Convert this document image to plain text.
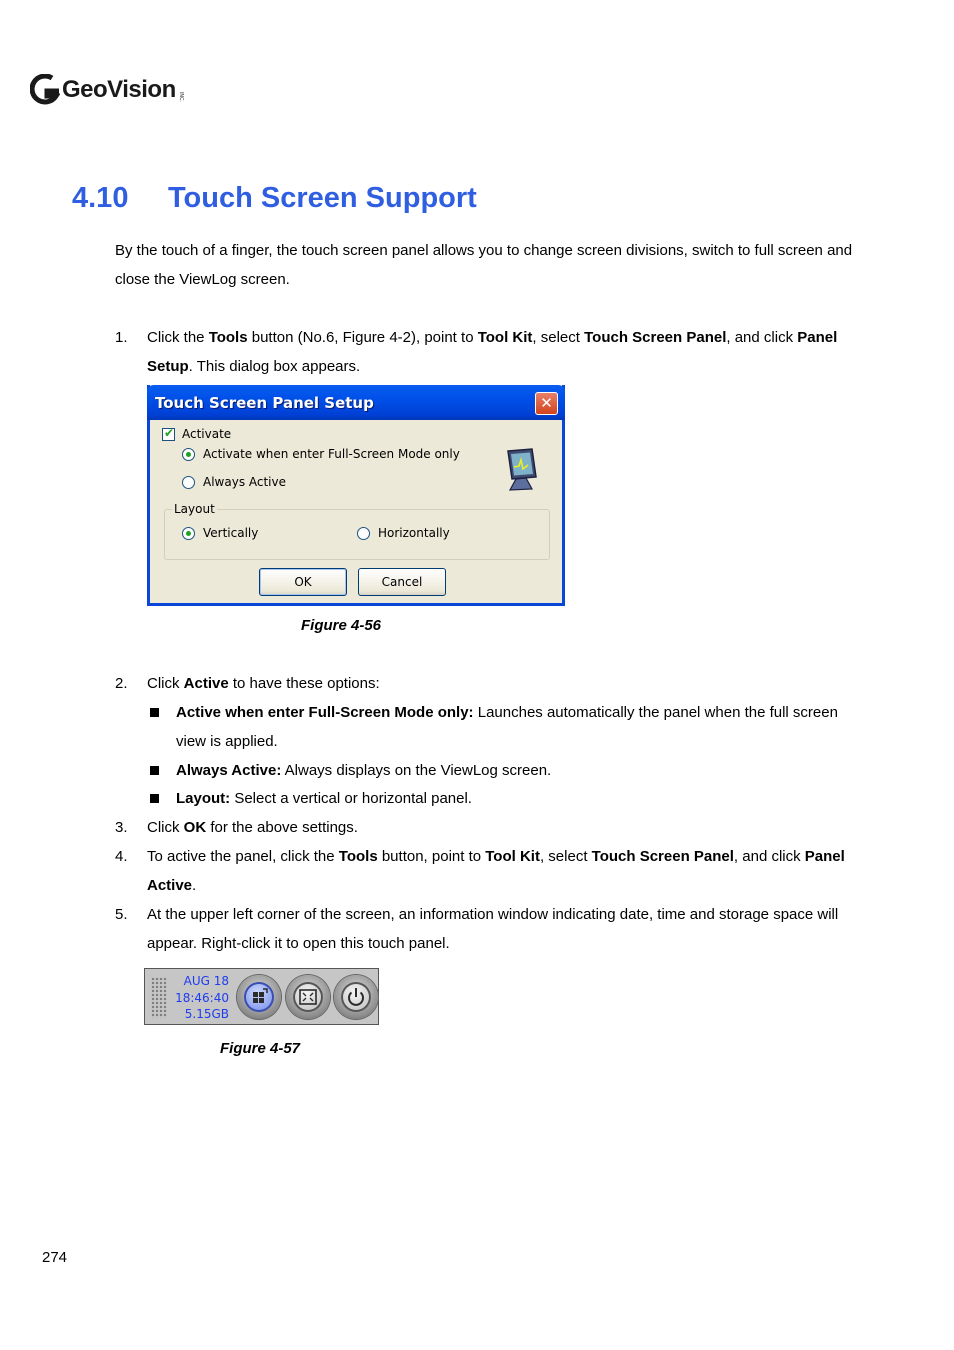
GeoVision INC.
4.10 Touch Screen Support
By the touch of a finger, the touch screen panel allows you to change screen divisions, switch to full screen and close the ViewLog screen.
1.	Click the Tools button (No.6, Figure 4-2), point to Tool Kit, select Touch Screen Panel, and click Panel Setup. This dialog box appears.
Touch Screen Panel Setup	✕
✔ Activate
Activate when enter Full-Screen Mode only
Always Active
Layout
Vertically	Horizontally
OK	Cancel
Figure 4-56
2.	Click Active to have these options:
Active when enter Full-Screen Mode only: Launches automatically the panel when the full screen view is applied.
Always Active: Always displays on the ViewLog screen.
Layout: Select a vertical or horizontal panel.
3.	Click OK for the above settings.
4.	To active the panel, click the Tools button, point to Tool Kit, select Touch Screen Panel, and click Panel Active.
5.	At the upper left corner of the screen, an information window indicating date, time and storage space will appear. Right-click it to open this touch panel.
AUG 18
18:46:40
5.15GB
Figure 4-57
274
